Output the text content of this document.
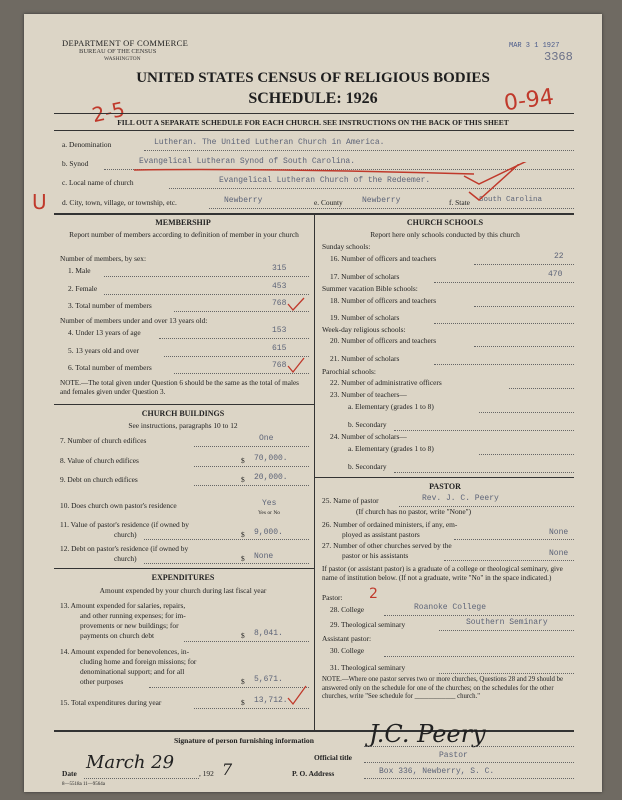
DEPARTMENT OF COMMERCE
BUREAU OF THE CENSUS
WASHINGTON
MAR 3 1 1927
3368
UNITED STATES CENSUS OF RELIGIOUS BODIES
SCHEDULE: 1926
2-5	0-94
FILL OUT A SEPARATE SCHEDULE FOR EACH CHURCH. SEE INSTRUCTIONS ON THE BACK OF THIS SHEET
a. Denomination	Lutheran. The United Lutheran Church in America.
b. Synod	Evangelical Lutheran Synod of South Carolina.
c. Local name of church	Evangelical Lutheran Church of the Redeemer.
U d. City, town, village, or township, etc.	Newberry	e. County Newberry	f. State South Carolina
MEMBERSHIP
Report number of members according to definition of member in your church
Number of members, by sex:
1. Male	315
2. Female	453
3. Total number of members	768
Number of members under and over 13 years old:
4. Under 13 years of age	153
5. 13 years old and over	615
6. Total number of members	768
NOTE.—The total given under Question 6 should be the same as the total of males and females given under Question 3.
CHURCH BUILDINGS
See instructions, paragraphs 10 to 12
7. Number of church edifices	One
8. Value of church edifices	$ 70,000.
9. Debt on church edifices	$ 20,000.
10. Does church own pastor's residence	Yes
Yes or No
11. Value of pastor's residence (if owned by
church)	$ 9,000.
12. Debt on pastor's residence (if owned by
church)	$ None
EXPENDITURES
Amount expended by your church during last fiscal year
13. Amount expended for salaries, repairs,
and other running expenses; for im-
provements or new buildings; for
payments on church debt	$ 8,041.
14. Amount expended for benevolences, in-
cluding home and foreign missions; for
denominational support; and for all
other purposes	$ 5,671.
15. Total expenditures during year	$ 13,712.
CHURCH SCHOOLS
Report here only schools conducted by this church
Sunday schools:
16. Number of officers and teachers	22
17. Number of scholars	470
Summer vacation Bible schools:
18. Number of officers and teachers
19. Number of scholars
Week-day religious schools:
20. Number of officers and teachers
21. Number of scholars
Parochial schools:
22. Number of administrative officers
23. Number of teachers—
a. Elementary (grades 1 to 8)
b. Secondary
24. Number of scholars—
a. Elementary (grades 1 to 8)
b. Secondary
PASTOR
25. Name of pastor	Rev. J. C. Peery
(If church has no pastor, write "None")
26. Number of ordained ministers, if any, em-
ployed as assistant pastors	None
27. Number of other churches served by the
pastor or his assistants	None
If pastor (or assistant pastor) is a graduate of a college or theological seminary, give name of institution below. (If not a graduate, write "No" in the space indicated.)
Pastor: 2
28. College	Roanoke College
29. Theological seminary	Southern Seminary
Assistant pastor:
30. College
31. Theological seminary
NOTE.—Where one pastor serves two or more churches, Questions 28 and 29 should be answered only on the schedule for one of the churches; on the schedules for the other churches, write "See schedule for ____________ church."
Signature of person furnishing information J.C. Peery
Official title	Pastor
Date
March 29
, 192 7	P. O. Address	Box 336, Newberry, S. C.
8—5518a 11—9564a
